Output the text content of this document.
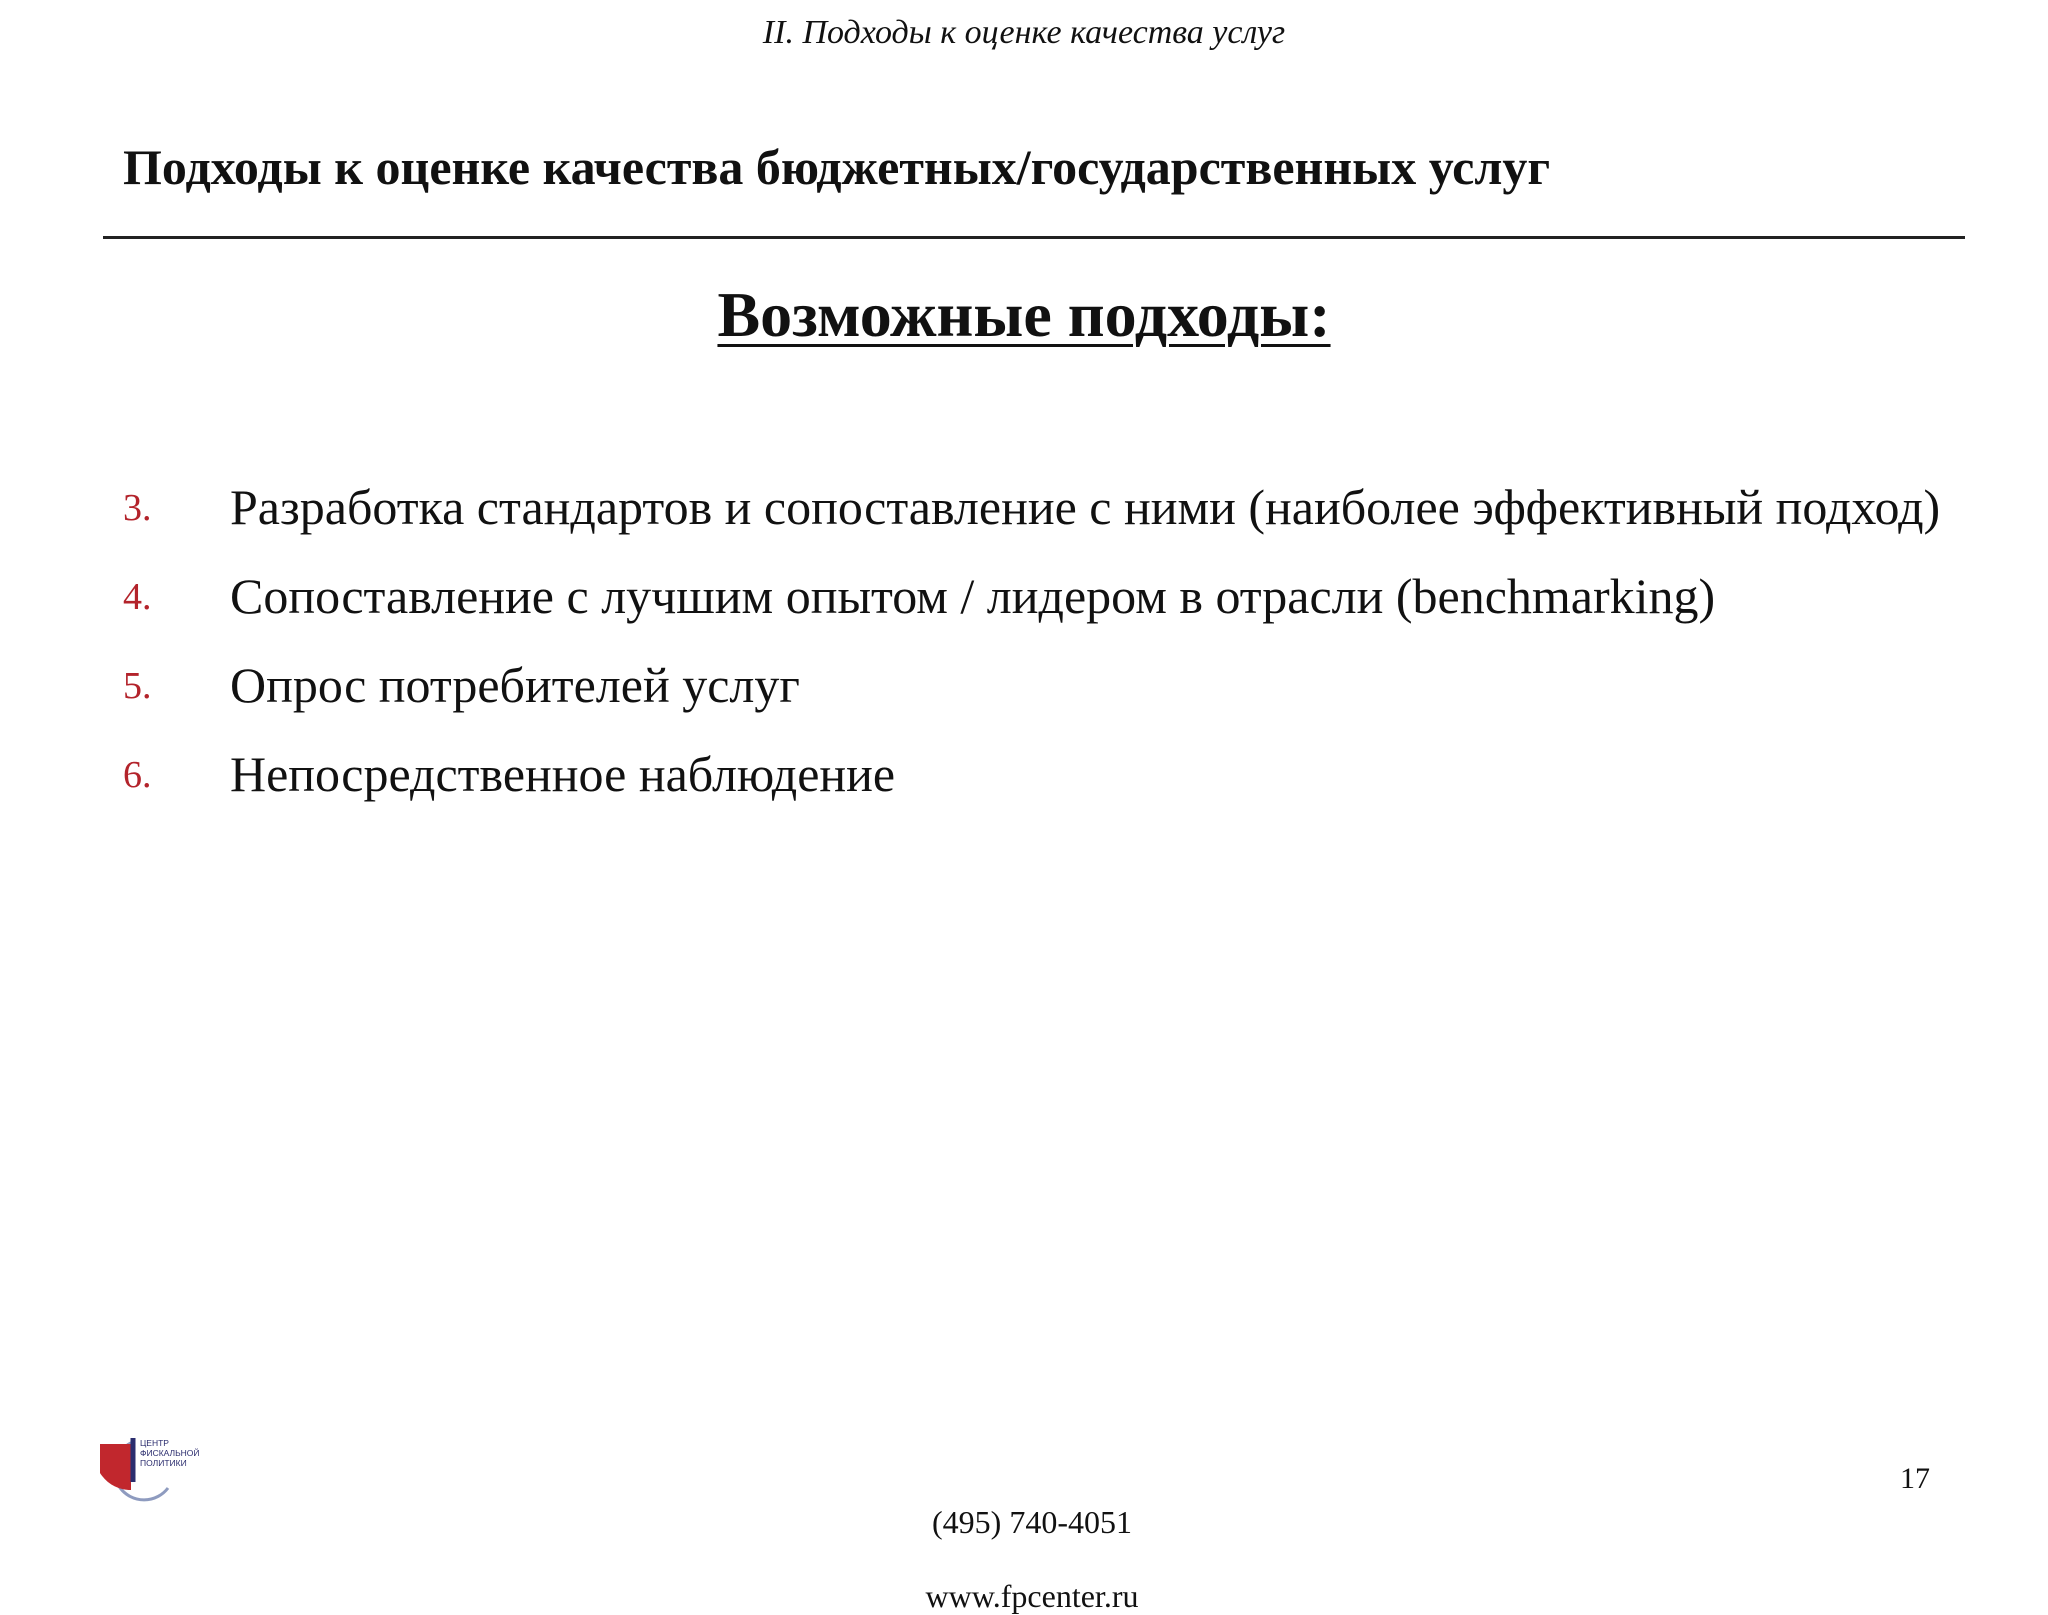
II. Подходы к оценке качества услуг
Подходы к оценке качества бюджетных/государственных услуг
Возможные подходы:
3. Разработка стандартов и сопоставление с ними (наиболее эффективный подход)
4. Сопоставление с лучшим опытом / лидером в отрасли (benchmarking)
5. Опрос потребителей услуг
6. Непосредственное наблюдение
ЦЕНТР
ФИСКАЛЬНОЙ
ПОЛИТИКИ

(495) 740-4051

www.fpcenter.ru

17
